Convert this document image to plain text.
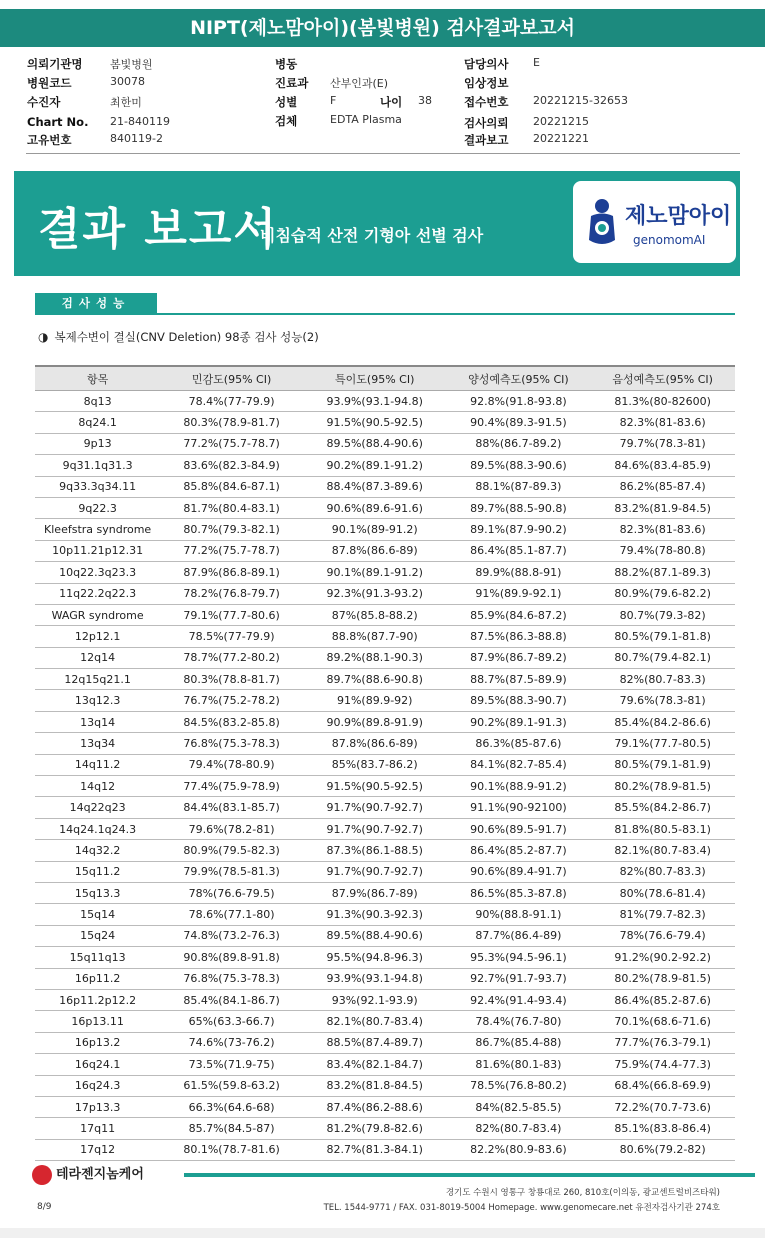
NIPT(제노맘아이)(봄빛병원) 검사결과보고서
의뢰기관명 봄빛병원
병원코드	30078
수진자	최한미
Chart No. 21-840119
고유번호	840119-2
병동
진료과 산부인과(E)
성별	F	나이 38
검체	EDTA Plasma
담당의사 E
임상정보
접수번호 20221215-32653
검사의뢰 20221215
결과보고 20221221
결과 보고서
비침습적 산전 기형아 선별 검사
제노맘아이
genomomAI
검사성능
◑ 복제수변이 결실(CNV Deletion) 98종 검사 성능(2)
항목	민감도(95% CI)	특이도(95% CI)	양성예측도(95% CI)	음성예측도(95% CI)
8q13	78.4%(77-79.9)	93.9%(93.1-94.8)	92.8%(91.8-93.8)	81.3%(80-82600)
8q24.1	80.3%(78.9-81.7)	91.5%(90.5-92.5)	90.4%(89.3-91.5)	82.3%(81-83.6)
9p13	77.2%(75.7-78.7)	89.5%(88.4-90.6)	88%(86.7-89.2)	79.7%(78.3-81)
9q31.1q31.3	83.6%(82.3-84.9)	90.2%(89.1-91.2)	89.5%(88.3-90.6)	84.6%(83.4-85.9)
9q33.3q34.11	85.8%(84.6-87.1)	88.4%(87.3-89.6)	88.1%(87-89.3)	86.2%(85-87.4)
9q22.3	81.7%(80.4-83.1)	90.6%(89.6-91.6)	89.7%(88.5-90.8)	83.2%(81.9-84.5)
Kleefstra syndrome	80.7%(79.3-82.1)	90.1%(89-91.2)	89.1%(87.9-90.2)	82.3%(81-83.6)
10p11.21p12.31	77.2%(75.7-78.7)	87.8%(86.6-89)	86.4%(85.1-87.7)	79.4%(78-80.8)
10q22.3q23.3	87.9%(86.8-89.1)	90.1%(89.1-91.2)	89.9%(88.8-91)	88.2%(87.1-89.3)
11q22.2q22.3	78.2%(76.8-79.7)	92.3%(91.3-93.2)	91%(89.9-92.1)	80.9%(79.6-82.2)
WAGR syndrome	79.1%(77.7-80.6)	87%(85.8-88.2)	85.9%(84.6-87.2)	80.7%(79.3-82)
12p12.1	78.5%(77-79.9)	88.8%(87.7-90)	87.5%(86.3-88.8)	80.5%(79.1-81.8)
12q14	78.7%(77.2-80.2)	89.2%(88.1-90.3)	87.9%(86.7-89.2)	80.7%(79.4-82.1)
12q15q21.1	80.3%(78.8-81.7)	89.7%(88.6-90.8)	88.7%(87.5-89.9)	82%(80.7-83.3)
13q12.3	76.7%(75.2-78.2)	91%(89.9-92)	89.5%(88.3-90.7)	79.6%(78.3-81)
13q14	84.5%(83.2-85.8)	90.9%(89.8-91.9)	90.2%(89.1-91.3)	85.4%(84.2-86.6)
13q34	76.8%(75.3-78.3)	87.8%(86.6-89)	86.3%(85-87.6)	79.1%(77.7-80.5)
14q11.2	79.4%(78-80.9)	85%(83.7-86.2)	84.1%(82.7-85.4)	80.5%(79.1-81.9)
14q12	77.4%(75.9-78.9)	91.5%(90.5-92.5)	90.1%(88.9-91.2)	80.2%(78.9-81.5)
14q22q23	84.4%(83.1-85.7)	91.7%(90.7-92.7)	91.1%(90-92100)	85.5%(84.2-86.7)
14q24.1q24.3	79.6%(78.2-81)	91.7%(90.7-92.7)	90.6%(89.5-91.7)	81.8%(80.5-83.1)
14q32.2	80.9%(79.5-82.3)	87.3%(86.1-88.5)	86.4%(85.2-87.7)	82.1%(80.7-83.4)
15q11.2	79.9%(78.5-81.3)	91.7%(90.7-92.7)	90.6%(89.4-91.7)	82%(80.7-83.3)
15q13.3	78%(76.6-79.5)	87.9%(86.7-89)	86.5%(85.3-87.8)	80%(78.6-81.4)
15q14	78.6%(77.1-80)	91.3%(90.3-92.3)	90%(88.8-91.1)	81%(79.7-82.3)
15q24	74.8%(73.2-76.3)	89.5%(88.4-90.6)	87.7%(86.4-89)	78%(76.6-79.4)
15q11q13	90.8%(89.8-91.8)	95.5%(94.8-96.3)	95.3%(94.5-96.1)	91.2%(90.2-92.2)
16p11.2	76.8%(75.3-78.3)	93.9%(93.1-94.8)	92.7%(91.7-93.7)	80.2%(78.9-81.5)
16p11.2p12.2	85.4%(84.1-86.7)	93%(92.1-93.9)	92.4%(91.4-93.4)	86.4%(85.2-87.6)
16p13.11	65%(63.3-66.7)	82.1%(80.7-83.4)	78.4%(76.7-80)	70.1%(68.6-71.6)
16p13.2	74.6%(73-76.2)	88.5%(87.4-89.7)	86.7%(85.4-88)	77.7%(76.3-79.1)
16q24.1	73.5%(71.9-75)	83.4%(82.1-84.7)	81.6%(80.1-83)	75.9%(74.4-77.3)
16q24.3	61.5%(59.8-63.2)	83.2%(81.8-84.5)	78.5%(76.8-80.2)	68.4%(66.8-69.9)
17p13.3	66.3%(64.6-68)	87.4%(86.2-88.6)	84%(82.5-85.5)	72.2%(70.7-73.6)
17q11	85.7%(84.5-87)	81.2%(79.8-82.6)	82%(80.7-83.4)	85.1%(83.8-86.4)
17q12	80.1%(78.7-81.6)	82.7%(81.3-84.1)	82.2%(80.9-83.6)	80.6%(79.2-82)
테라젠지놈케어
경기도 수원시 영통구 창룡대로 260, 810호(이의동, 광교센트럴비즈타워)
TEL. 1544-9771 / FAX. 031-8019-5004 Homepage. www.genomecare.net 유전자검사기관 274호
8/9
